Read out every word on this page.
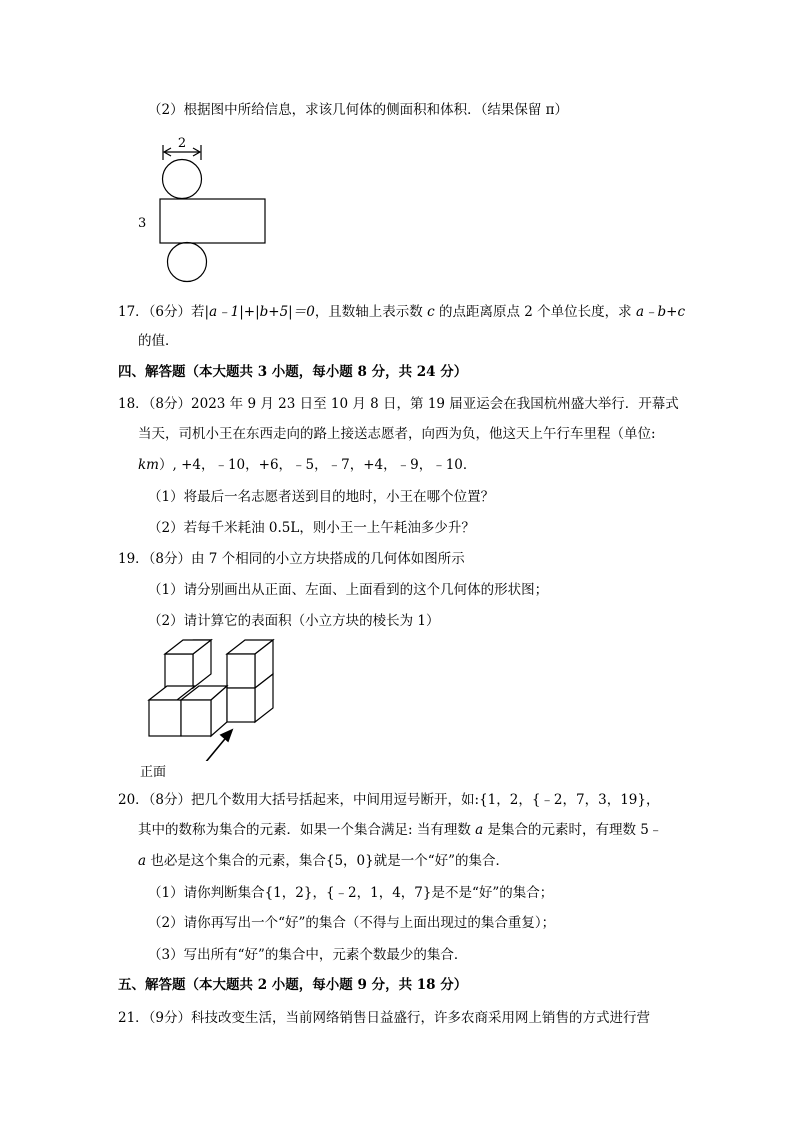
（2）根据图中所给信息，求该几何体的侧面积和体积．（结果保留 π）
2
3
17．（6分）若|a﹣1|+|b+5|＝0，且数轴上表示数 c 的点距离原点 2 个单位长度，求 a﹣b+c
的值．
四、解答题（本大题共 3 小题，每小题 8 分，共 24 分）
18．（8分）2023 年 9 月 23 日至 10 月 8 日，第 19 届亚运会在我国杭州盛大举行．开幕式
当天，司机小王在东西走向的路上接送志愿者，向西为负，他这天上午行车里程（单位:
km）, +4，﹣10，+6，﹣5，﹣7，+4，﹣9，﹣10．
（1）将最后一名志愿者送到目的地时，小王在哪个位置？
（2）若每千米耗油 0.5L，则小王一上午耗油多少升？
19．（8分）由 7 个相同的小立方块搭成的几何体如图所示
（1）请分别画出从正面、左面、上面看到的这个几何体的形状图；
（2）请计算它的表面积（小立方块的棱长为 1）
正面
20．（8分）把几个数用大括号括起来，中间用逗号断开，如:{1，2，{﹣2，7，3，19}，
其中的数称为集合的元素．如果一个集合满足: 当有理数 a 是集合的元素时，有理数 5﹣
a 也必是这个集合的元素，集合{5，0}就是一个“好”的集合．
（1）请你判断集合{1，2}，{﹣2，1，4，7}是不是“好”的集合；
（2）请你再写出一个“好”的集合（不得与上面出现过的集合重复）；
（3）写出所有“好”的集合中，元素个数最少的集合．
五、解答题（本大题共 2 小题，每小题 9 分，共 18 分）
21．（9分）科技改变生活，当前网络销售日益盛行，许多农商采用网上销售的方式进行营
